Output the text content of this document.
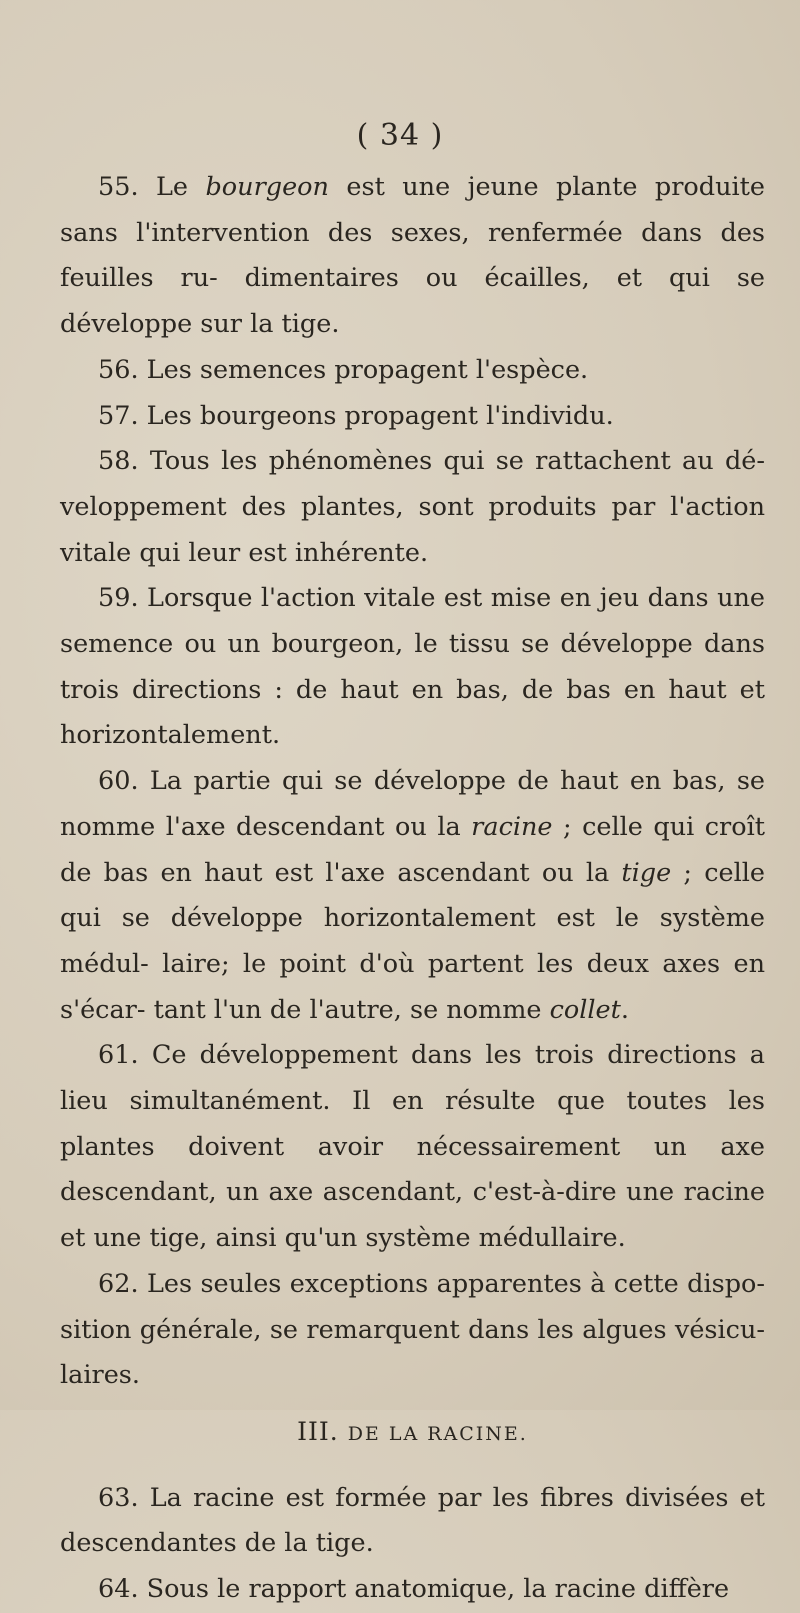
( 34 )

55. Le bourgeon est une jeune plante produite sans l'intervention des sexes, renfermée dans des feuilles ru- dimentaires ou écailles, et qui se développe sur la tige.

56. Les semences propagent l'espèce.

57. Les bourgeons propagent l'individu.

58. Tous les phénomènes qui se rattachent au dé- veloppement des plantes, sont produits par l'action vitale qui leur est inhérente.

59. Lorsque l'action vitale est mise en jeu dans une semence ou un bourgeon, le tissu se développe dans trois directions : de haut en bas, de bas en haut et horizontalement.

60. La partie qui se développe de haut en bas, se nomme l'axe descendant ou la racine ; celle qui croît de bas en haut est l'axe ascendant ou la tige ; celle qui se développe horizontalement est le système médul- laire; le point d'où partent les deux axes en s'écar- tant l'un de l'autre, se nomme collet.

61. Ce développement dans les trois directions a lieu simultanément. Il en résulte que toutes les plantes doivent avoir nécessairement un axe descendant, un axe ascendant, c'est-à-dire une racine et une tige, ainsi qu'un système médullaire.

62. Les seules exceptions apparentes à cette dispo- sition générale, se remarquent dans les algues vésicu- laires.

III. DE LA RACINE.

63. La racine est formée par les fibres divisées et descendantes de la tige.

64. Sous le rapport anatomique, la racine diffère
